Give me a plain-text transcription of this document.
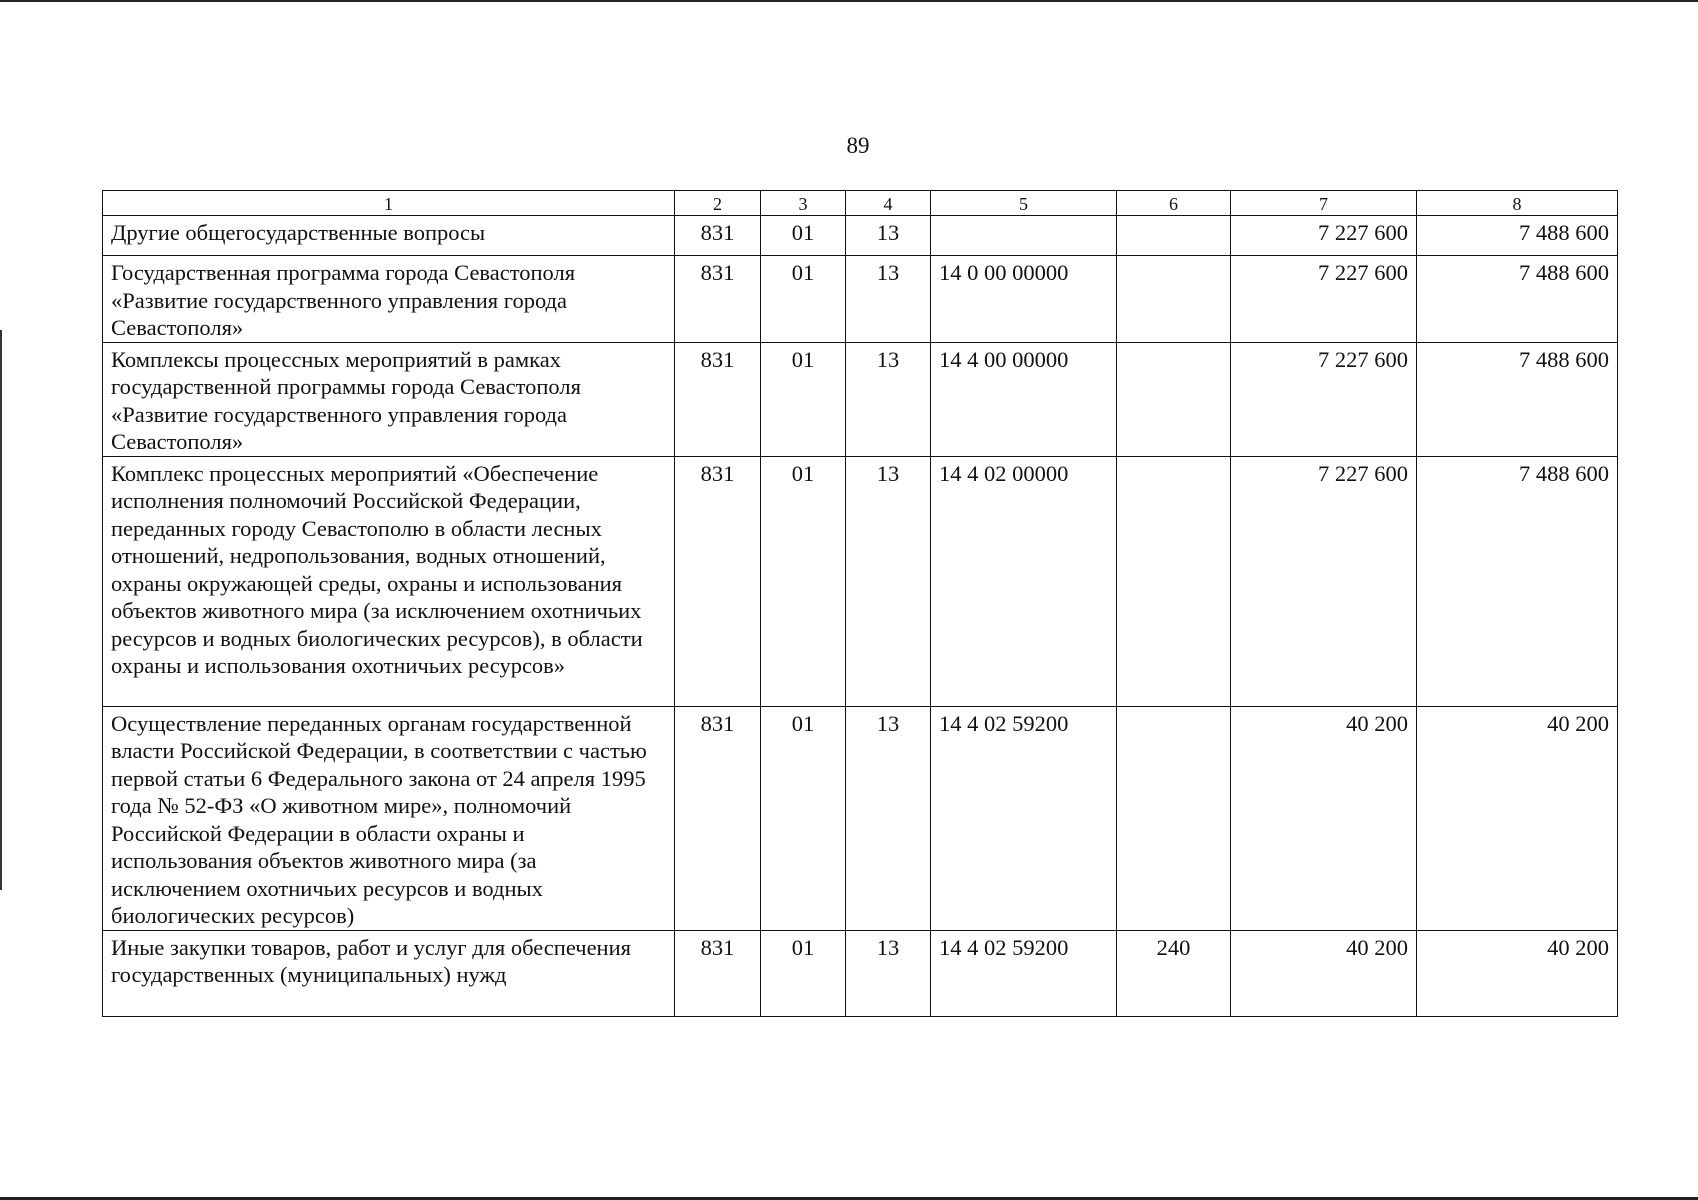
89
1	2	3	4	5	6	7	8
Другие общегосударственные вопросы	831	01	13			7 227 600	7 488 600
Государственная программа города Севастополя «Развитие государственного управления города Севастополя»	831	01	13	14 0 00 00000		7 227 600	7 488 600
Комплексы процессных мероприятий в рамках государственной программы города Севастополя «Развитие государственного управления города Севастополя»	831	01	13	14 4 00 00000		7 227 600	7 488 600
Комплекс процессных мероприятий «Обеспечение исполнения полномочий Российской Федерации, переданных городу Севастополю в области лесных отношений, недропользования, водных отношений, охраны окружающей среды, охраны и использования объектов животного мира (за исключением охотничьих ресурсов и водных биологических ресурсов), в области охраны и использования охотничьих ресурсов»	831	01	13	14 4 02 00000		7 227 600	7 488 600
Осуществление переданных органам государственной власти Российской Федерации, в соответствии с частью первой статьи 6 Федерального закона от 24 апреля 1995 года № 52-ФЗ «О животном мире», полномочий Российской Федерации в области охраны и использования объектов животного мира (за исключением охотничьих ресурсов и водных биологических ресурсов)	831	01	13	14 4 02 59200		40 200	40 200
Иные закупки товаров, работ и услуг для обеспечения государственных (муниципальных) нужд	831	01	13	14 4 02 59200	240	40 200	40 200
